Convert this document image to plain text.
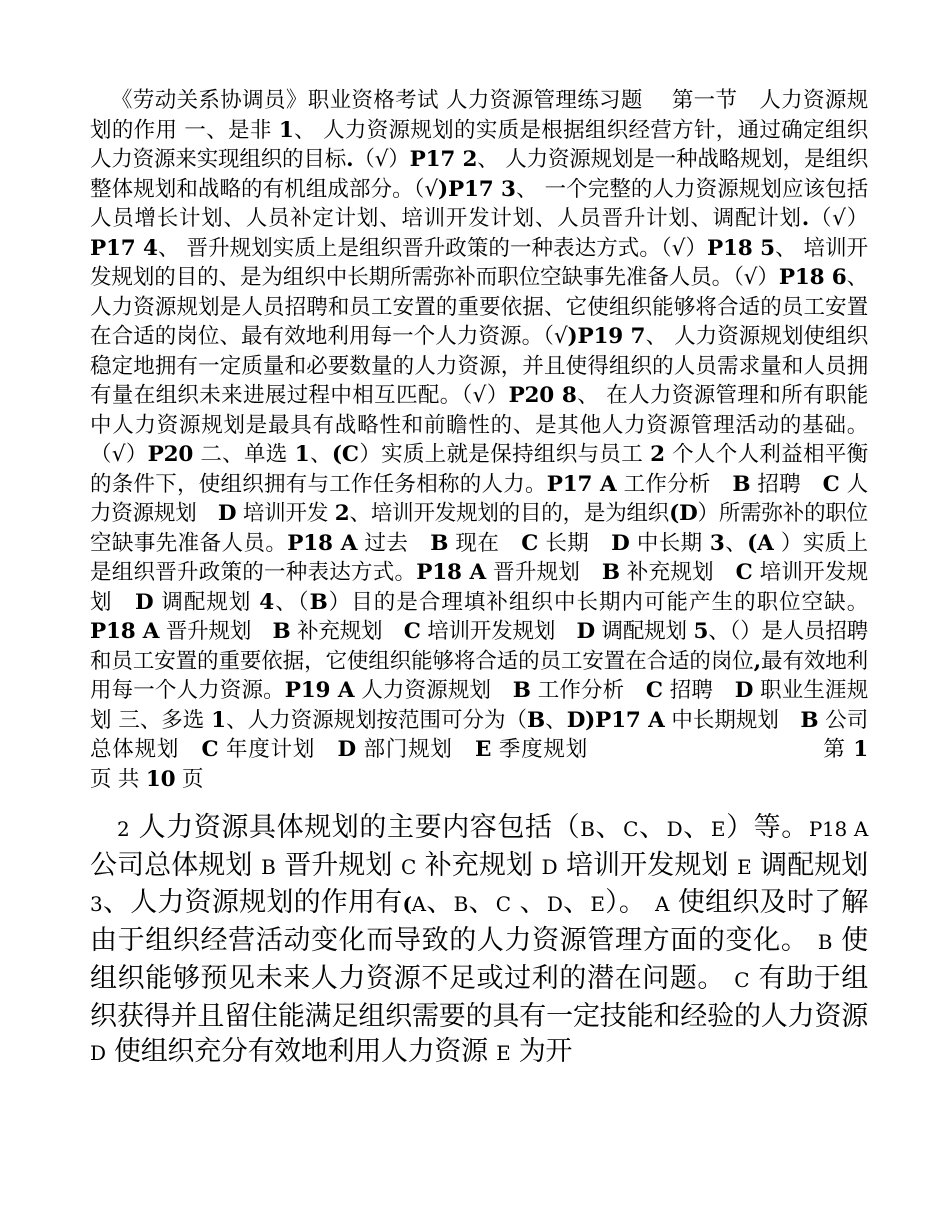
《劳动关系协调员》职业资格考试 人力资源管理练习题 　第一节　人力资源规划的作用 一、是非 1、 人力资源规划的实质是根据组织经营方针，通过确定组织人力资源来实现组织的目标.（√）P17 2、 人力资源规划是一种战略规划，是组织整体规划和战略的有机组成部分。（√)P17 3、 一个完整的人力资源规划应该包括人员增长计划、人员补定计划、培训开发计划、人员晋升计划、调配计划.（√）P17 4、 晋升规划实质上是组织晋升政策的一种表达方式。（√）P18 5、 培训开发规划的目的、是为组织中长期所需弥补而职位空缺事先准备人员。（√）P18 6、 人力资源规划是人员招聘和员工安置的重要依据、它使组织能够将合适的员工安置在合适的岗位、最有效地利用每一个人力资源。（√)P19 7、 人力资源规划使组织稳定地拥有一定质量和必要数量的人力资源，并且使得组织的人员需求量和人员拥有量在组织未来进展过程中相互匹配。（√）P20 8、 在人力资源管理和所有职能中人力资源规划是最具有战略性和前瞻性的、是其他人力资源管理活动的基础。（√）P20 二、单选 1、(C）实质上就是保持组织与员工 2 个人个人利益相平衡的条件下，使组织拥有与工作任务相称的人力。P17 A 工作分析　B 招聘　C 人力资源规划　D 培训开发 2、培训开发规划的目的，是为组织(D）所需弥补的职位空缺事先准备人员。P18 A 过去　B 现在　C 长期　D 中长期 3、(A ）实质上是组织晋升政策的一种表达方式。P18 A 晋升规划　B 补充规划　C 培训开发规划　D 调配规划 4、（B）目的是合理填补组织中长期内可能产生的职位空缺。P18 A 晋升规划　B 补充规划　C 培训开发规划　D 调配规划 5、（）是人员招聘和员工安置的重要依据，它使组织能够将合适的员工安置在合适的岗位,最有效地利用每一个人力资源。P19 A 人力资源规划　B 工作分析　C 招聘　D 职业生涯规划 三、多选 1、人力资源规划按范围可分为（B、D)P17 A 中长期规划　B 公司总体规划　C 年度计划　D 部门规划　E 季度规划           	第 1 页 共 10 页

2 人力资源具体规划的主要内容包括（B、C、D、E）等。P18 A 公司总体规划 B 晋升规划 C 补充规划 D 培训开发规划 E 调配规划 3、人力资源规划的作用有(A、B、C 、D、E）。 A 使组织及时了解由于组织经营活动变化而导致的人力资源管理方面的变化。 B 使组织能够预见未来人力资源不足或过利的潜在问题。 C 有助于组织获得并且留住能满足组织需要的具有一定技能和经验的人力资源 D 使组织充分有效地利用人力资源 E 为开
